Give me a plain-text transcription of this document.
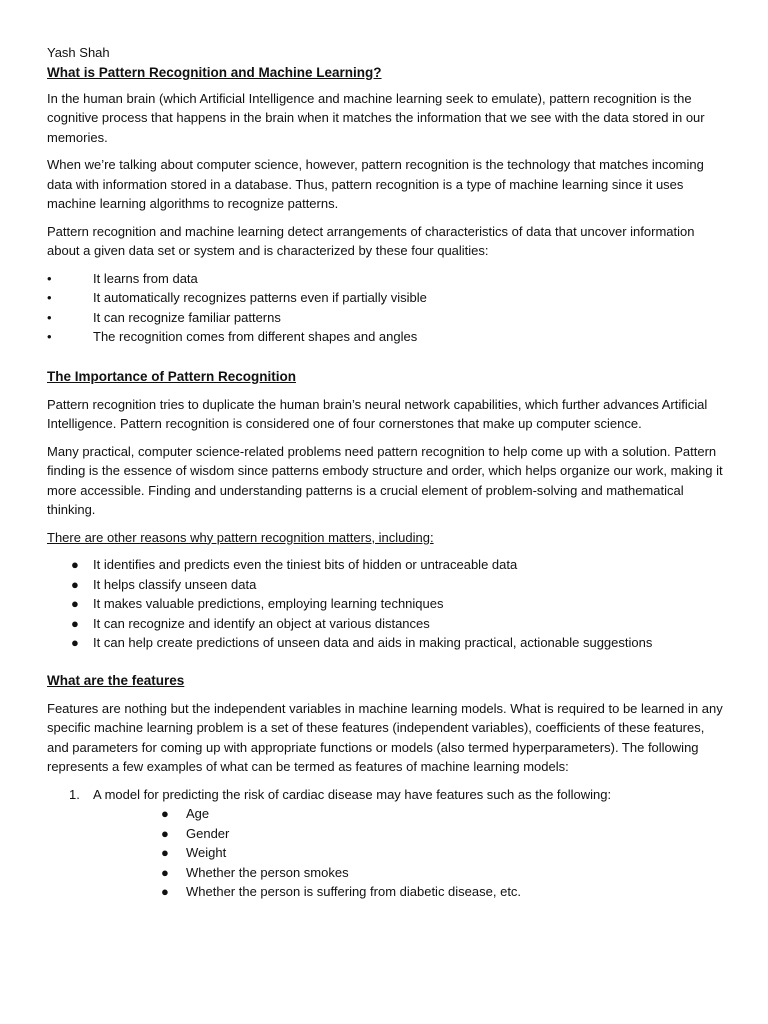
Yash Shah
What is Pattern Recognition and Machine Learning?

In the human brain (which Artificial Intelligence and machine learning seek to emulate), pattern recognition is the cognitive process that happens in the brain when it matches the information that we see with the data stored in our memories.

When we’re talking about computer science, however, pattern recognition is the technology that matches incoming data with information stored in a database. Thus, pattern recognition is a type of machine learning since it uses machine learning algorithms to recognize patterns.

Pattern recognition and machine learning detect arrangements of characteristics of data that uncover information about a given data set or system and is characterized by these four qualities:

•	It learns from data
•	It automatically recognizes patterns even if partially visible
•	It can recognize familiar patterns
•	The recognition comes from different shapes and angles
The Importance of Pattern Recognition

Pattern recognition tries to duplicate the human brain’s neural network capabilities, which further advances Artificial Intelligence. Pattern recognition is considered one of four cornerstones that make up computer science.

Many practical, computer science-related problems need pattern recognition to help come up with a solution. Pattern finding is the essence of wisdom since patterns embody structure and order, which helps organize our work, making it more accessible. Finding and understanding patterns is a crucial element of problem-solving and mathematical thinking.

There are other reasons why pattern recognition matters, including:

● It identifies and predicts even the tiniest bits of hidden or untraceable data
● It helps classify unseen data
● It makes valuable predictions, employing learning techniques
● It can recognize and identify an object at various distances
● It can help create predictions of unseen data and aids in making practical, actionable suggestions
What are the features

Features are nothing but the independent variables in machine learning models. What is required to be learned in any specific machine learning problem is a set of these features (independent variables), coefficients of these features, and parameters for coming up with appropriate functions or models (also termed hyperparameters). The following represents a few examples of what can be termed as features of machine learning models:

1. A model for predicting the risk of cardiac disease may have features such as the following:
● Age
● Gender
● Weight
● Whether the person smokes
● Whether the person is suffering from diabetic disease, etc.
